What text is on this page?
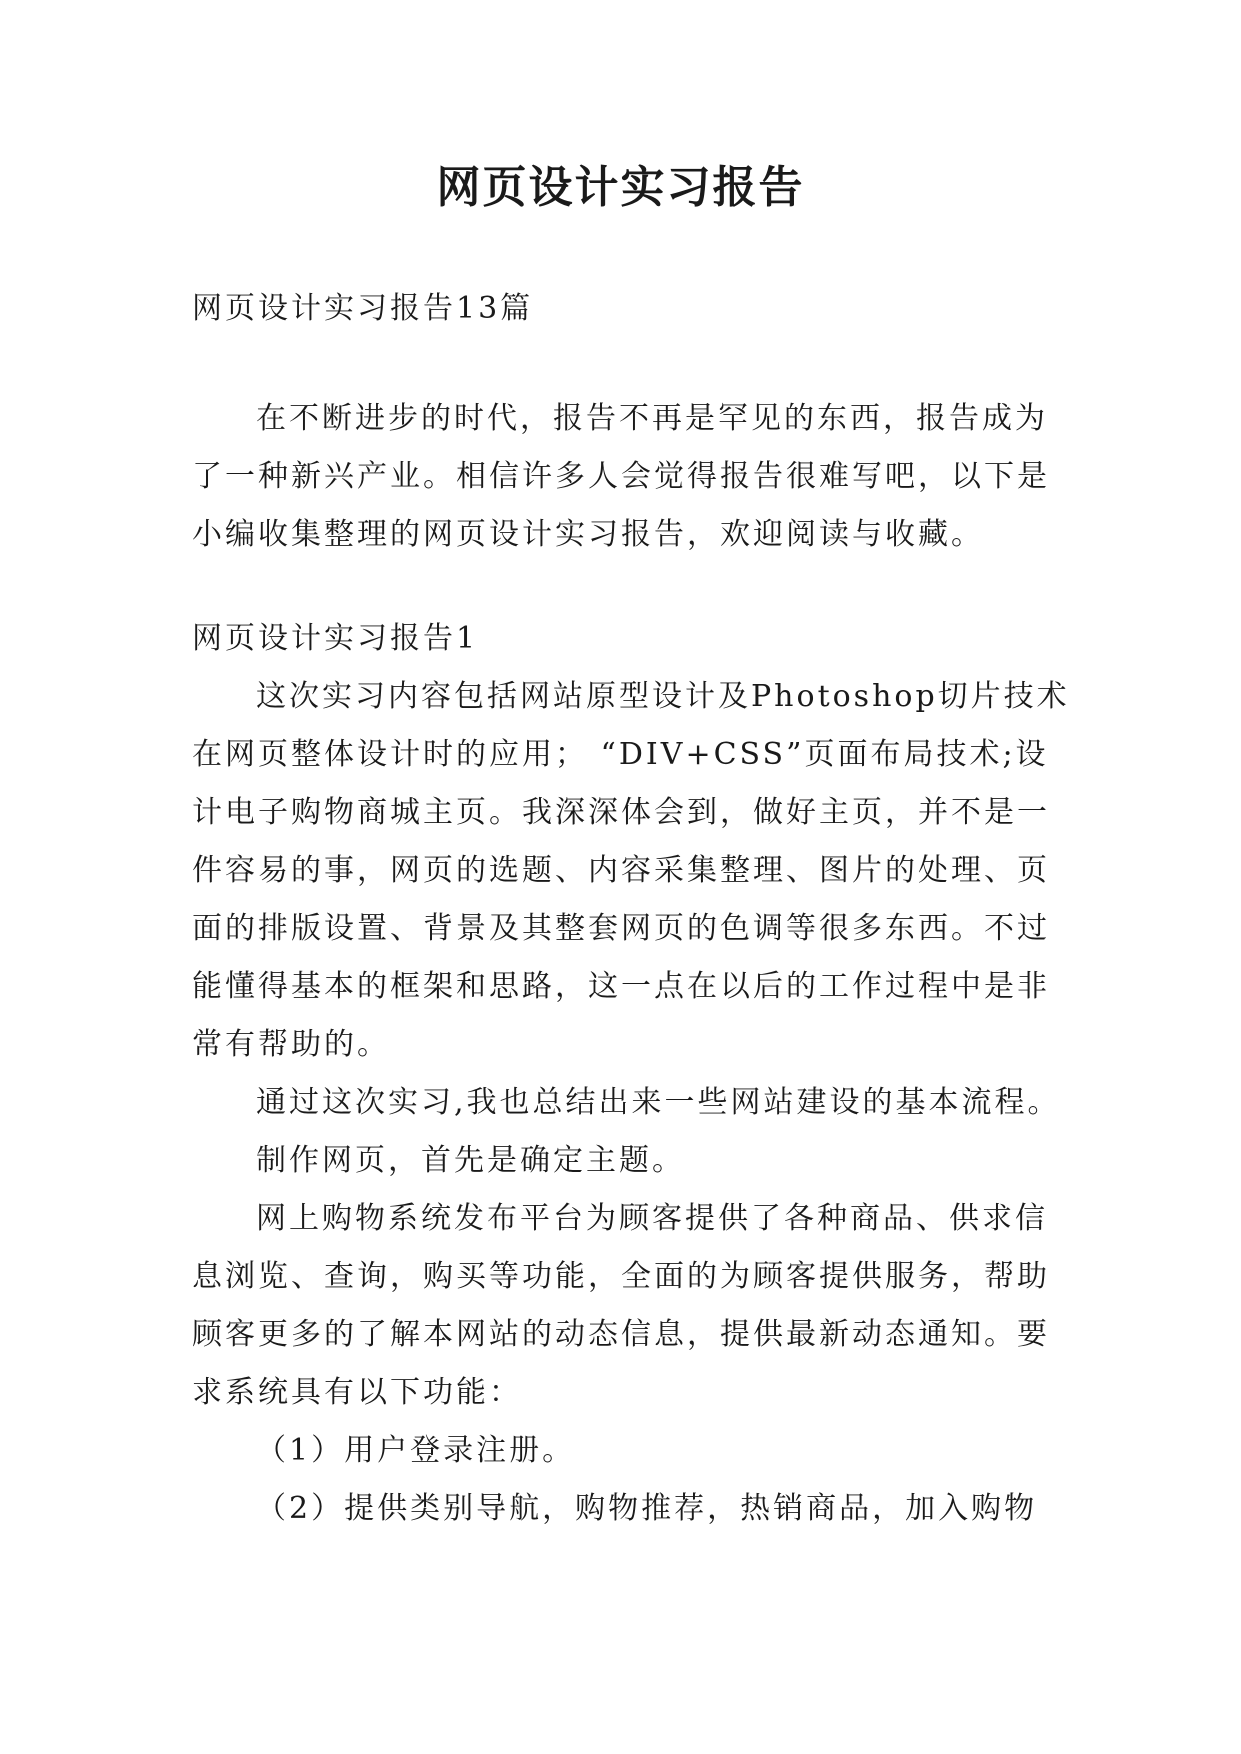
网页设计实习报告
网页设计实习报告13篇
在不断进步的时代，报告不再是罕见的东西，报告成为
了一种新兴产业。相信许多人会觉得报告很难写吧，以下是
小编收集整理的网页设计实习报告，欢迎阅读与收藏。
网页设计实习报告1
这次实习内容包括网站原型设计及Photoshop切片技术
在网页整体设计时的应用； “DIV+CSS”页面布局技术;设
计电子购物商城主页。我深深体会到，做好主页，并不是一
件容易的事，网页的选题、内容采集整理、图片的处理、页
面的排版设置、背景及其整套网页的色调等很多东西。不过
能懂得基本的框架和思路，这一点在以后的工作过程中是非
常有帮助的。
通过这次实习,我也总结出来一些网站建设的基本流程。
制作网页，首先是确定主题。
网上购物系统发布平台为顾客提供了各种商品、供求信
息浏览、查询，购买等功能，全面的为顾客提供服务，帮助
顾客更多的了解本网站的动态信息，提供最新动态通知。要
求系统具有以下功能：
（1）用户登录注册。
（2）提供类别导航，购物推荐，热销商品，加入购物
